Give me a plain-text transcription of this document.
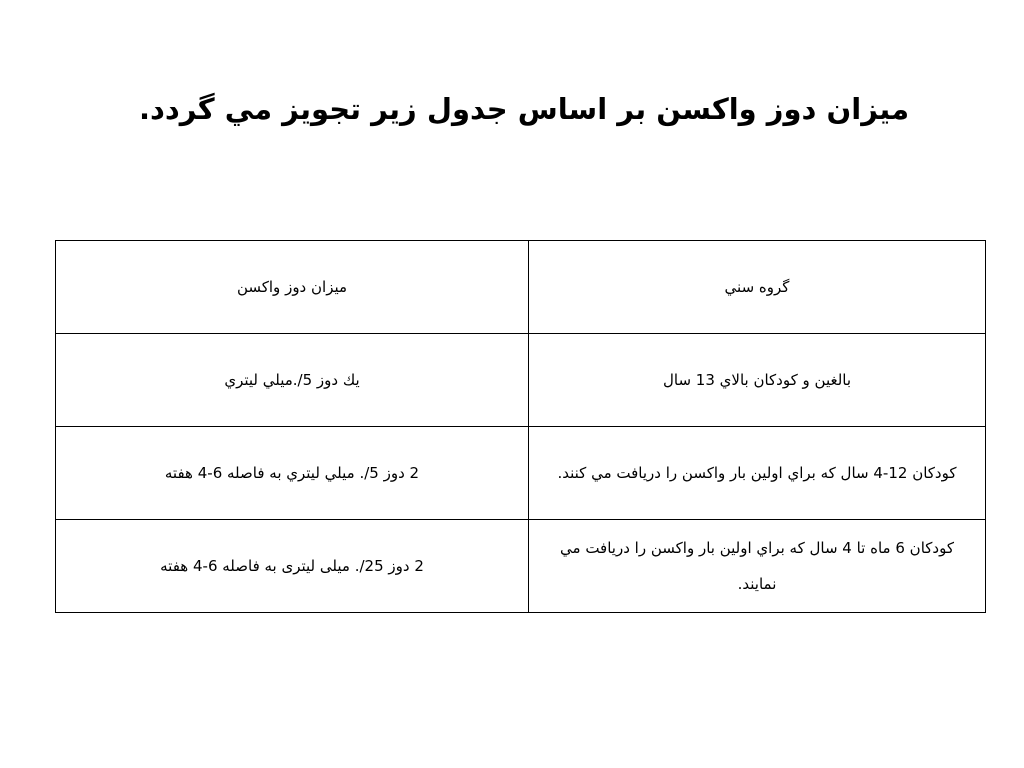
ميزان دوز واكسن بر اساس جدول زير تجويز مي گردد.
گروه سني	ميزان دوز واكسن
بالغين و كودكان بالاي 13 سال	يك دوز 5/.ميلي ليتري
كودكان 12-4 سال كه براي اولين بار واكسن را دريافت مي كنند.	2 دوز 5/. ميلي ليتري به فاصله 6-4 هفته
كودكان 6 ماه تا 4 سال كه براي اولين بار واكسن را دريافت مي نمايند.	2 دوز 25/. ميلی ليتری به فاصله 6-4 هفته
